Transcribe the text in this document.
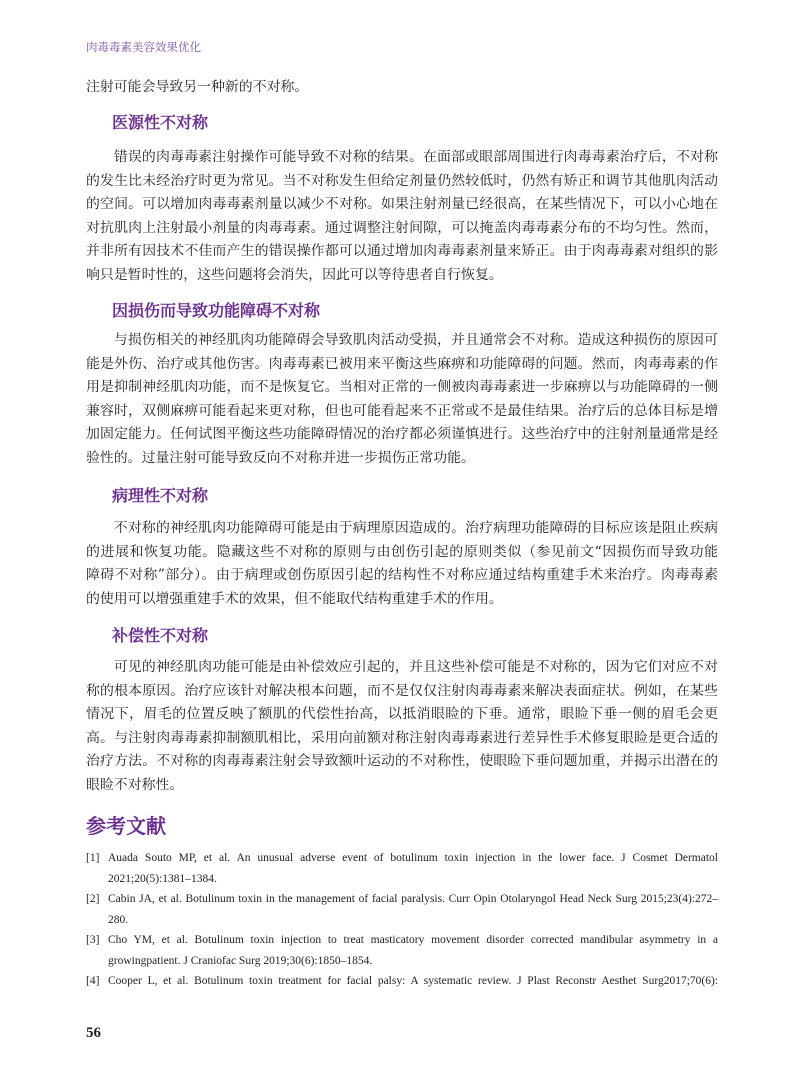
肉毒毒素美容效果优化
注射可能会导致另一种新的不对称。
医源性不对称
错误的肉毒毒素注射操作可能导致不对称的结果。在面部或眼部周围进行肉毒毒素治疗后，不对称
的发生比未经治疗时更为常见。当不对称发生但给定剂量仍然较低时，仍然有矫正和调节其他肌肉活动
的空间。可以增加肉毒毒素剂量以减少不对称。如果注射剂量已经很高，在某些情况下，可以小心地在
对抗肌肉上注射最小剂量的肉毒毒素。通过调整注射间隙，可以掩盖肉毒毒素分布的不均匀性。然而，
并非所有因技术不佳而产生的错误操作都可以通过增加肉毒毒素剂量来矫正。由于肉毒毒素对组织的影
响只是暂时性的，这些问题将会消失，因此可以等待患者自行恢复。
因损伤而导致功能障碍不对称
与损伤相关的神经肌肉功能障碍会导致肌肉活动受损，并且通常会不对称。造成这种损伤的原因可
能是外伤、治疗或其他伤害。肉毒毒素已被用来平衡这些麻痹和功能障碍的问题。然而，肉毒毒素的作
用是抑制神经肌肉功能，而不是恢复它。当相对正常的一侧被肉毒毒素进一步麻痹以与功能障碍的一侧
兼容时，双侧麻痹可能看起来更对称，但也可能看起来不正常或不是最佳结果。治疗后的总体目标是增
加固定能力。任何试图平衡这些功能障碍情况的治疗都必须谨慎进行。这些治疗中的注射剂量通常是经
验性的。过量注射可能导致反向不对称并进一步损伤正常功能。
病理性不对称
不对称的神经肌肉功能障碍可能是由于病理原因造成的。治疗病理功能障碍的目标应该是阻止疾病
的进展和恢复功能。隐藏这些不对称的原则与由创伤引起的原则类似（参见前文“因损伤而导致功能
障碍不对称”部分）。由于病理或创伤原因引起的结构性不对称应通过结构重建手术来治疗。肉毒毒素
的使用可以增强重建手术的效果，但不能取代结构重建手术的作用。
补偿性不对称
可见的神经肌肉功能可能是由补偿效应引起的，并且这些补偿可能是不对称的，因为它们对应不对
称的根本原因。治疗应该针对解决根本问题，而不是仅仅注射肉毒毒素来解决表面症状。例如，在某些
情况下，眉毛的位置反映了额肌的代偿性抬高，以抵消眼睑的下垂。通常，眼睑下垂一侧的眉毛会更
高。与注射肉毒毒素抑制额肌相比，采用向前额对称注射肉毒毒素进行差异性手术修复眼睑是更合适的
治疗方法。不对称的肉毒毒素注射会导致额叶运动的不对称性，使眼睑下垂问题加重，并揭示出潜在的
眼睑不对称性。
参考文献
[1] Auada Souto MP, et al. An unusual adverse event of botulinum toxin injection in the lower face. J Cosmet Dermatol
2021;20(5):1381–1384.
[2] Cabin JA, et al. Botulinum toxin in the management of facial paralysis. Curr Opin Otolaryngol Head Neck Surg 2015;23(4):272–
280.
[3] Cho YM, et al. Botulinum toxin injection to treat masticatory movement disorder corrected mandibular asymmetry in a
growingpatient. J Craniofac Surg 2019;30(6):1850–1854.
[4] Cooper L, et al. Botulinum toxin treatment for facial palsy: A systematic review. J Plast Reconstr Aesthet Surg2017;70(6):
56
